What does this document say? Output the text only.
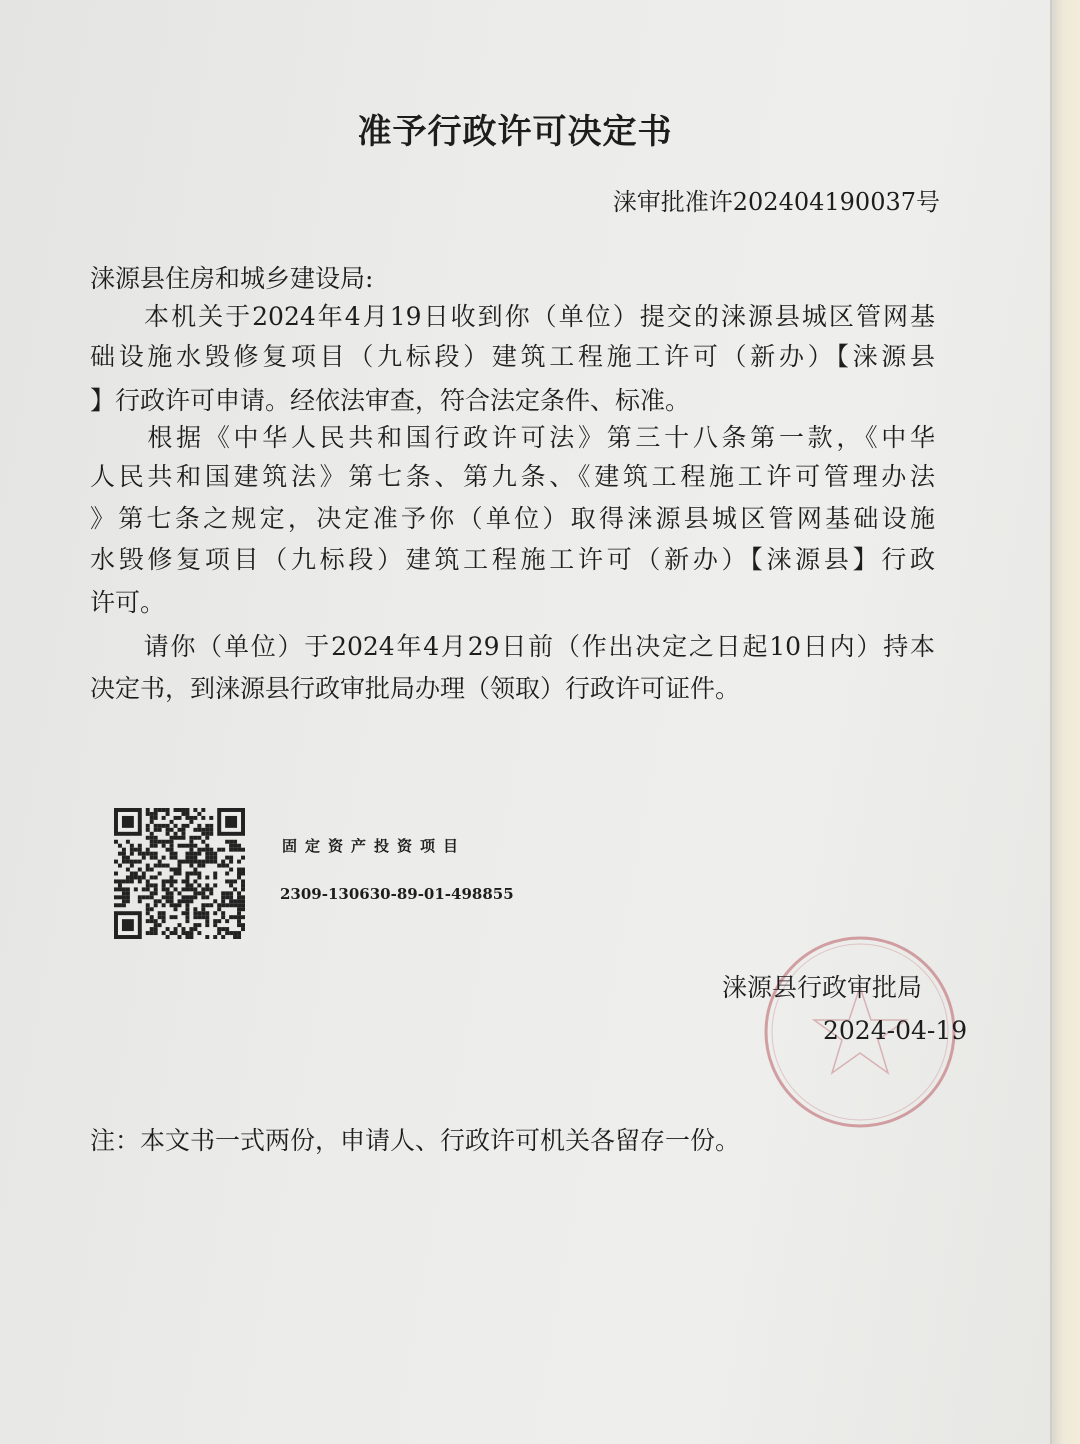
准予行政许可决定书
涞审批准许202404190037号
涞源县住房和城乡建设局:
　　本机关于2024年4月19日收到你（单位）提交的涞源县城区管网基
础设施水毁修复项目（九标段）建筑工程施工许可（新办）【涞源县
】行政许可申请。经依法审查，符合法定条件、标准。
　　根据《中华人民共和国行政许可法》第三十八条第一款，《中华
人民共和国建筑法》第七条、第九条、《建筑工程施工许可管理办法
》第七条之规定，决定准予你（单位）取得涞源县城区管网基础设施
水毁修复项目（九标段）建筑工程施工许可（新办）【涞源县】行政
许可。
　　请你（单位）于2024年4月29日前（作出决定之日起10日内）持本
决定书，到涞源县行政审批局办理（领取）行政许可证件。
固定资产投资项目
2309-130630-89-01-498855
涞源县行政审批局
2024-04-19
注：本文书一式两份，申请人、行政许可机关各留存一份。
